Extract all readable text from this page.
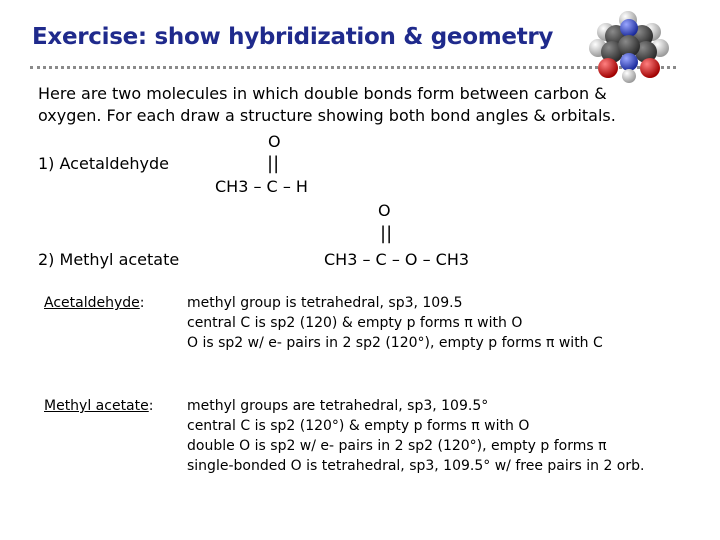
Exercise: show hybridization & geometry
Here are two molecules in which double bonds form between carbon &
oxygen. For each draw a structure showing both bond angles & orbitals.
O
1) Acetaldehyde	||
CH3 – C – H
O
||
2) Methyl acetate	CH3 – C – O – CH3
Acetaldehyde:	methyl group is tetrahedral, sp3, 109.5
central C is sp2 (120) & empty p forms π with O
O is sp2 w/ e- pairs in 2 sp2 (120°), empty p forms π with C
Methyl acetate: methyl groups are tetrahedral, sp3, 109.5°
central C is sp2 (120°) & empty p forms π with O
double O is sp2 w/ e- pairs in 2 sp2 (120°), empty p forms π
single-bonded O is tetrahedral, sp3, 109.5° w/ free pairs in 2 orb.
